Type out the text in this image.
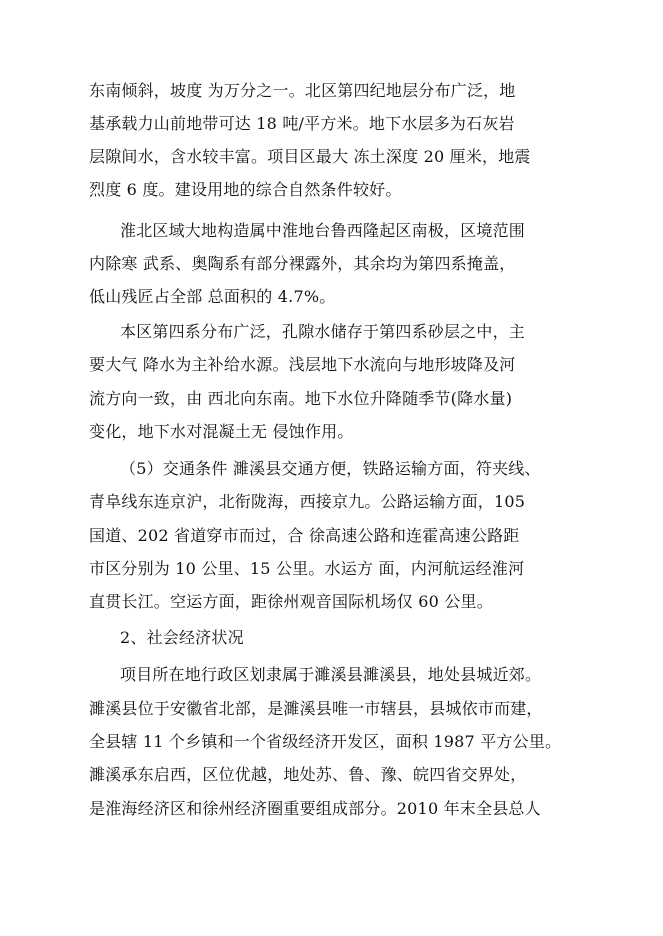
东南倾斜，坡度 为万分之一。北区第四纪地层分布广泛，地
基承载力山前地带可达 18 吨/平方米。地下水层多为石灰岩
层隙间水，含水较丰富。项目区最大 冻土深度 20 厘米，地震
烈度 6 度。建设用地的综合自然条件较好。
淮北区域大地构造属中淮地台鲁西隆起区南极，区境范围
内除寒 武系、奥陶系有部分裸露外，其余均为第四系掩盖，
低山残匠占全部 总面积的 4.7%。
本区第四系分布广泛，孔隙水储存于第四系砂层之中，主
要大气 降水为主补给水源。浅层地下水流向与地形坡降及河
流方向一致，由 西北向东南。地下水位升降随季节(降水量)
变化，地下水对混凝土无 侵蚀作用。
（5）交通条件 濉溪县交通方便，铁路运输方面，符夹线、
青阜线东连京沪，北衔陇海，西接京九。公路运输方面，105
国道、202 省道穿市而过，合 徐高速公路和连霍高速公路距
市区分别为 10 公里、15 公里。水运方 面，内河航运经淮河
直贯长江。空运方面，距徐州观音国际机场仅 60 公里。
2、社会经济状况
项目所在地行政区划隶属于濉溪县濉溪县，地处县城近郊。
濉溪县位于安徽省北部，是濉溪县唯一市辖县，县城依市而建，
全县辖 11 个乡镇和一个省级经济开发区，面积 1987 平方公里。
濉溪承东启西，区位优越，地处苏、鲁、豫、皖四省交界处，
是淮海经济区和徐州经济圈重要组成部分。2010 年末全县总人
